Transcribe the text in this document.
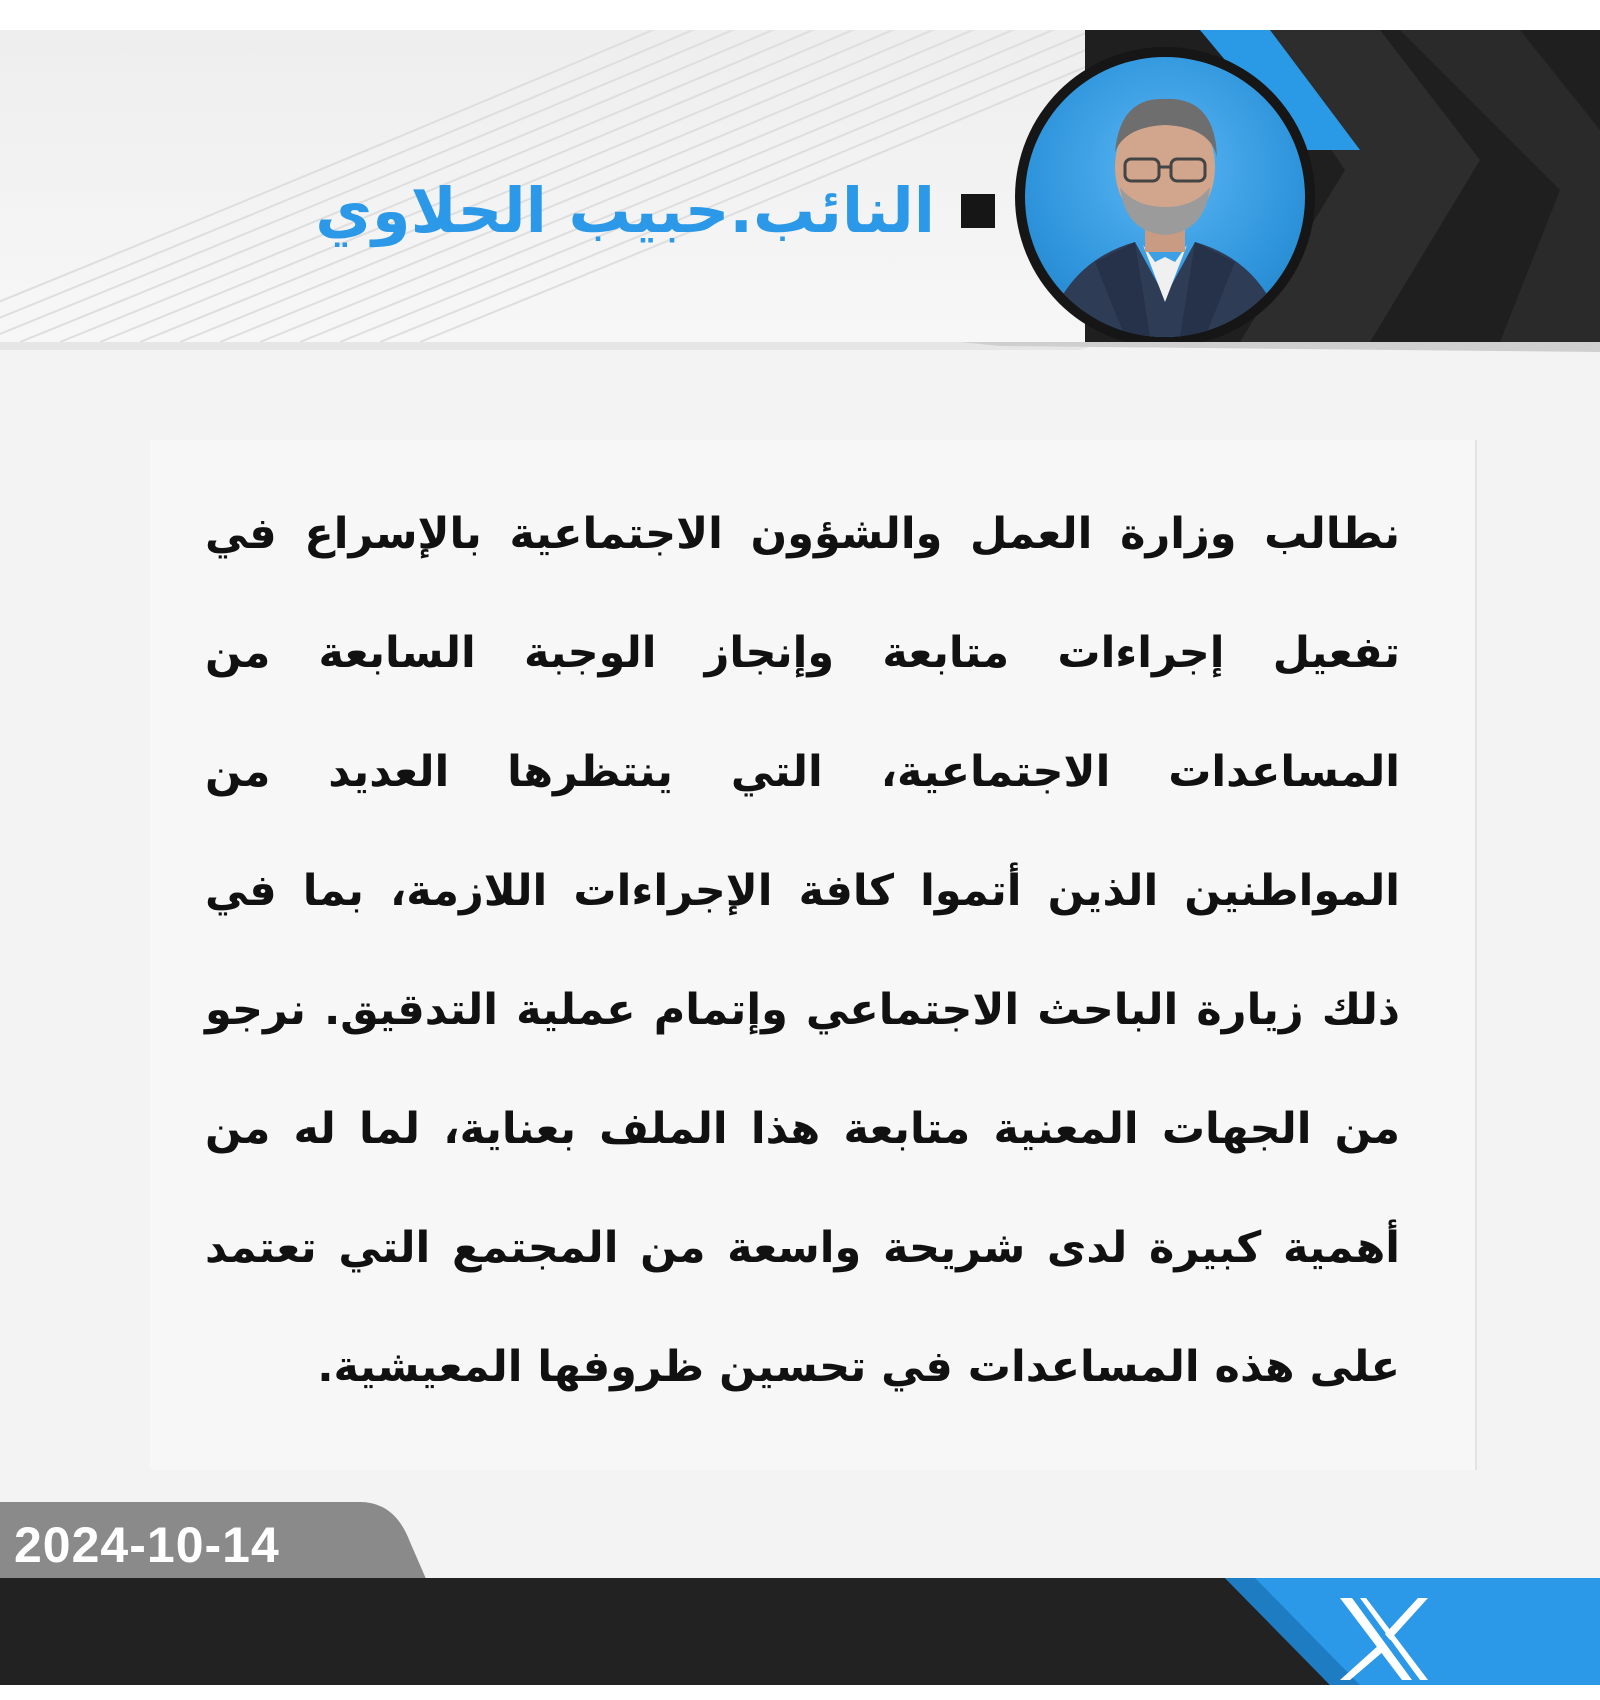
النائب.حبيب الحلاوي

نطالب وزارة العمل والشؤون الاجتماعية بالإسراع في تفعيل إجراءات متابعة وإنجاز الوجبة السابعة من المساعدات الاجتماعية، التي ينتظرها العديد من المواطنين الذين أتموا كافة الإجراءات اللازمة، بما في ذلك زيارة الباحث الاجتماعي وإتمام عملية التدقيق. نرجو من الجهات المعنية متابعة هذا الملف بعناية، لما له من أهمية كبيرة لدى شريحة واسعة من المجتمع التي تعتمد على هذه المساعدات في تحسين ظروفها المعيشية.

2024-10-14
